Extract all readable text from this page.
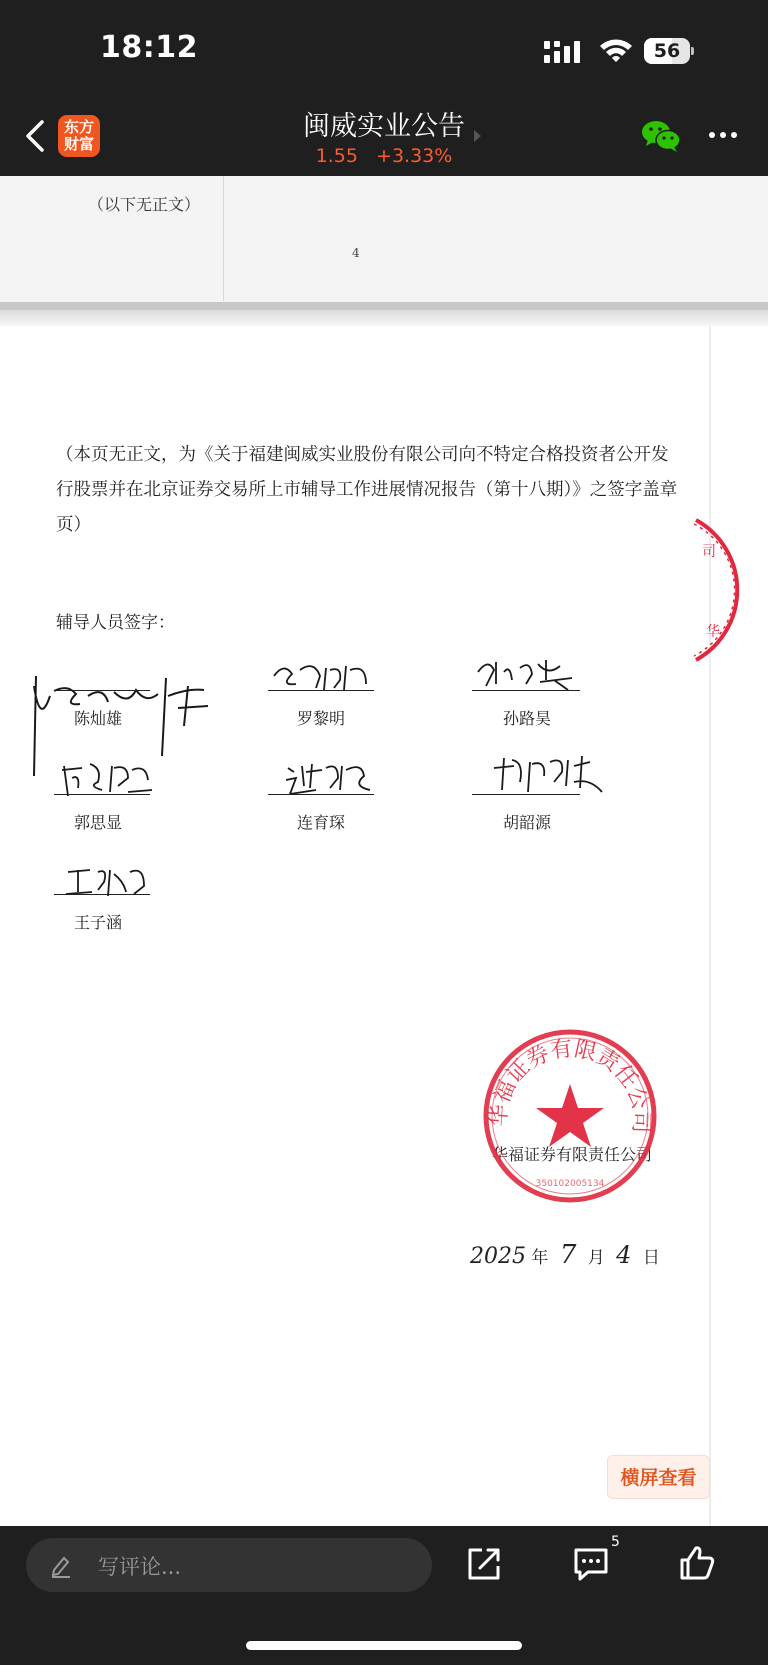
18:12	56
东方
财富
闽威实业公告
1.55 +3.33%
（以下无正文）
4
（本页无正文，为《关于福建闽威实业股份有限公司向不特定合格投资者公开发行股票并在北京证券交易所上市辅导工作进展情况报告（第十八期）》之签字盖章页）
辅导人员签字：
陈灿雄	罗黎明	孙路昊
郭思显	连育琛	胡韶源
王子涵
司
华
华福证券有限责任公司
华福证券有限责任公司
350102005134
2025 年 7 月 4 日
横屏查看
写评论...
5
